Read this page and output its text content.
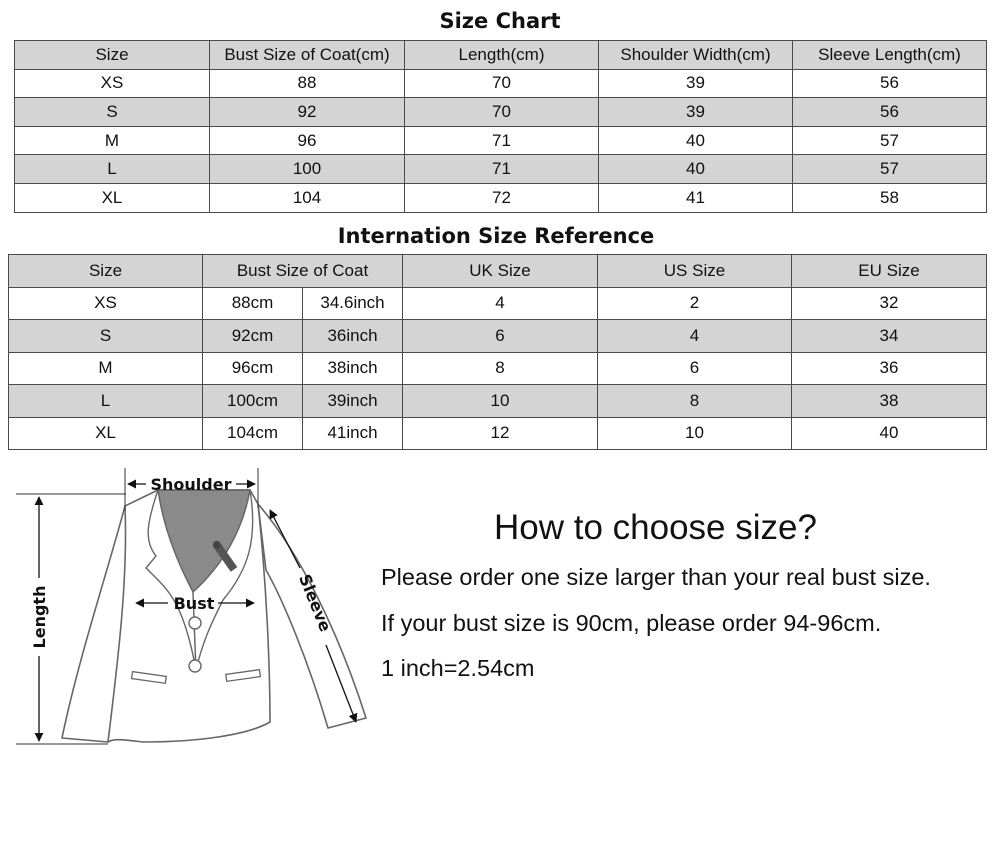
Size Chart
Size	Bust Size of Coat(cm)	Length(cm)	Shoulder Width(cm)	Sleeve Length(cm)
XS	88	70	39	56
S	92	70	39	56
M	96	71	40	57
L	100	71	40	57
XL	104	72	41	58
Internation Size Reference
Size	Bust Size of Coat		UK Size	US Size	EU Size
XS	88cm	34.6inch	4	2	32
S	92cm	36inch	6	4	34
M	96cm	38inch	8	6	36
L	100cm	39inch	10	8	38
XL	104cm	41inch	12	10	40
Shoulder
Bust
Length	Sleeve
How to choose size?
Please order one size larger than your real bust size.
If your bust size is 90cm, please order 94-96cm.
1 inch=2.54cm
